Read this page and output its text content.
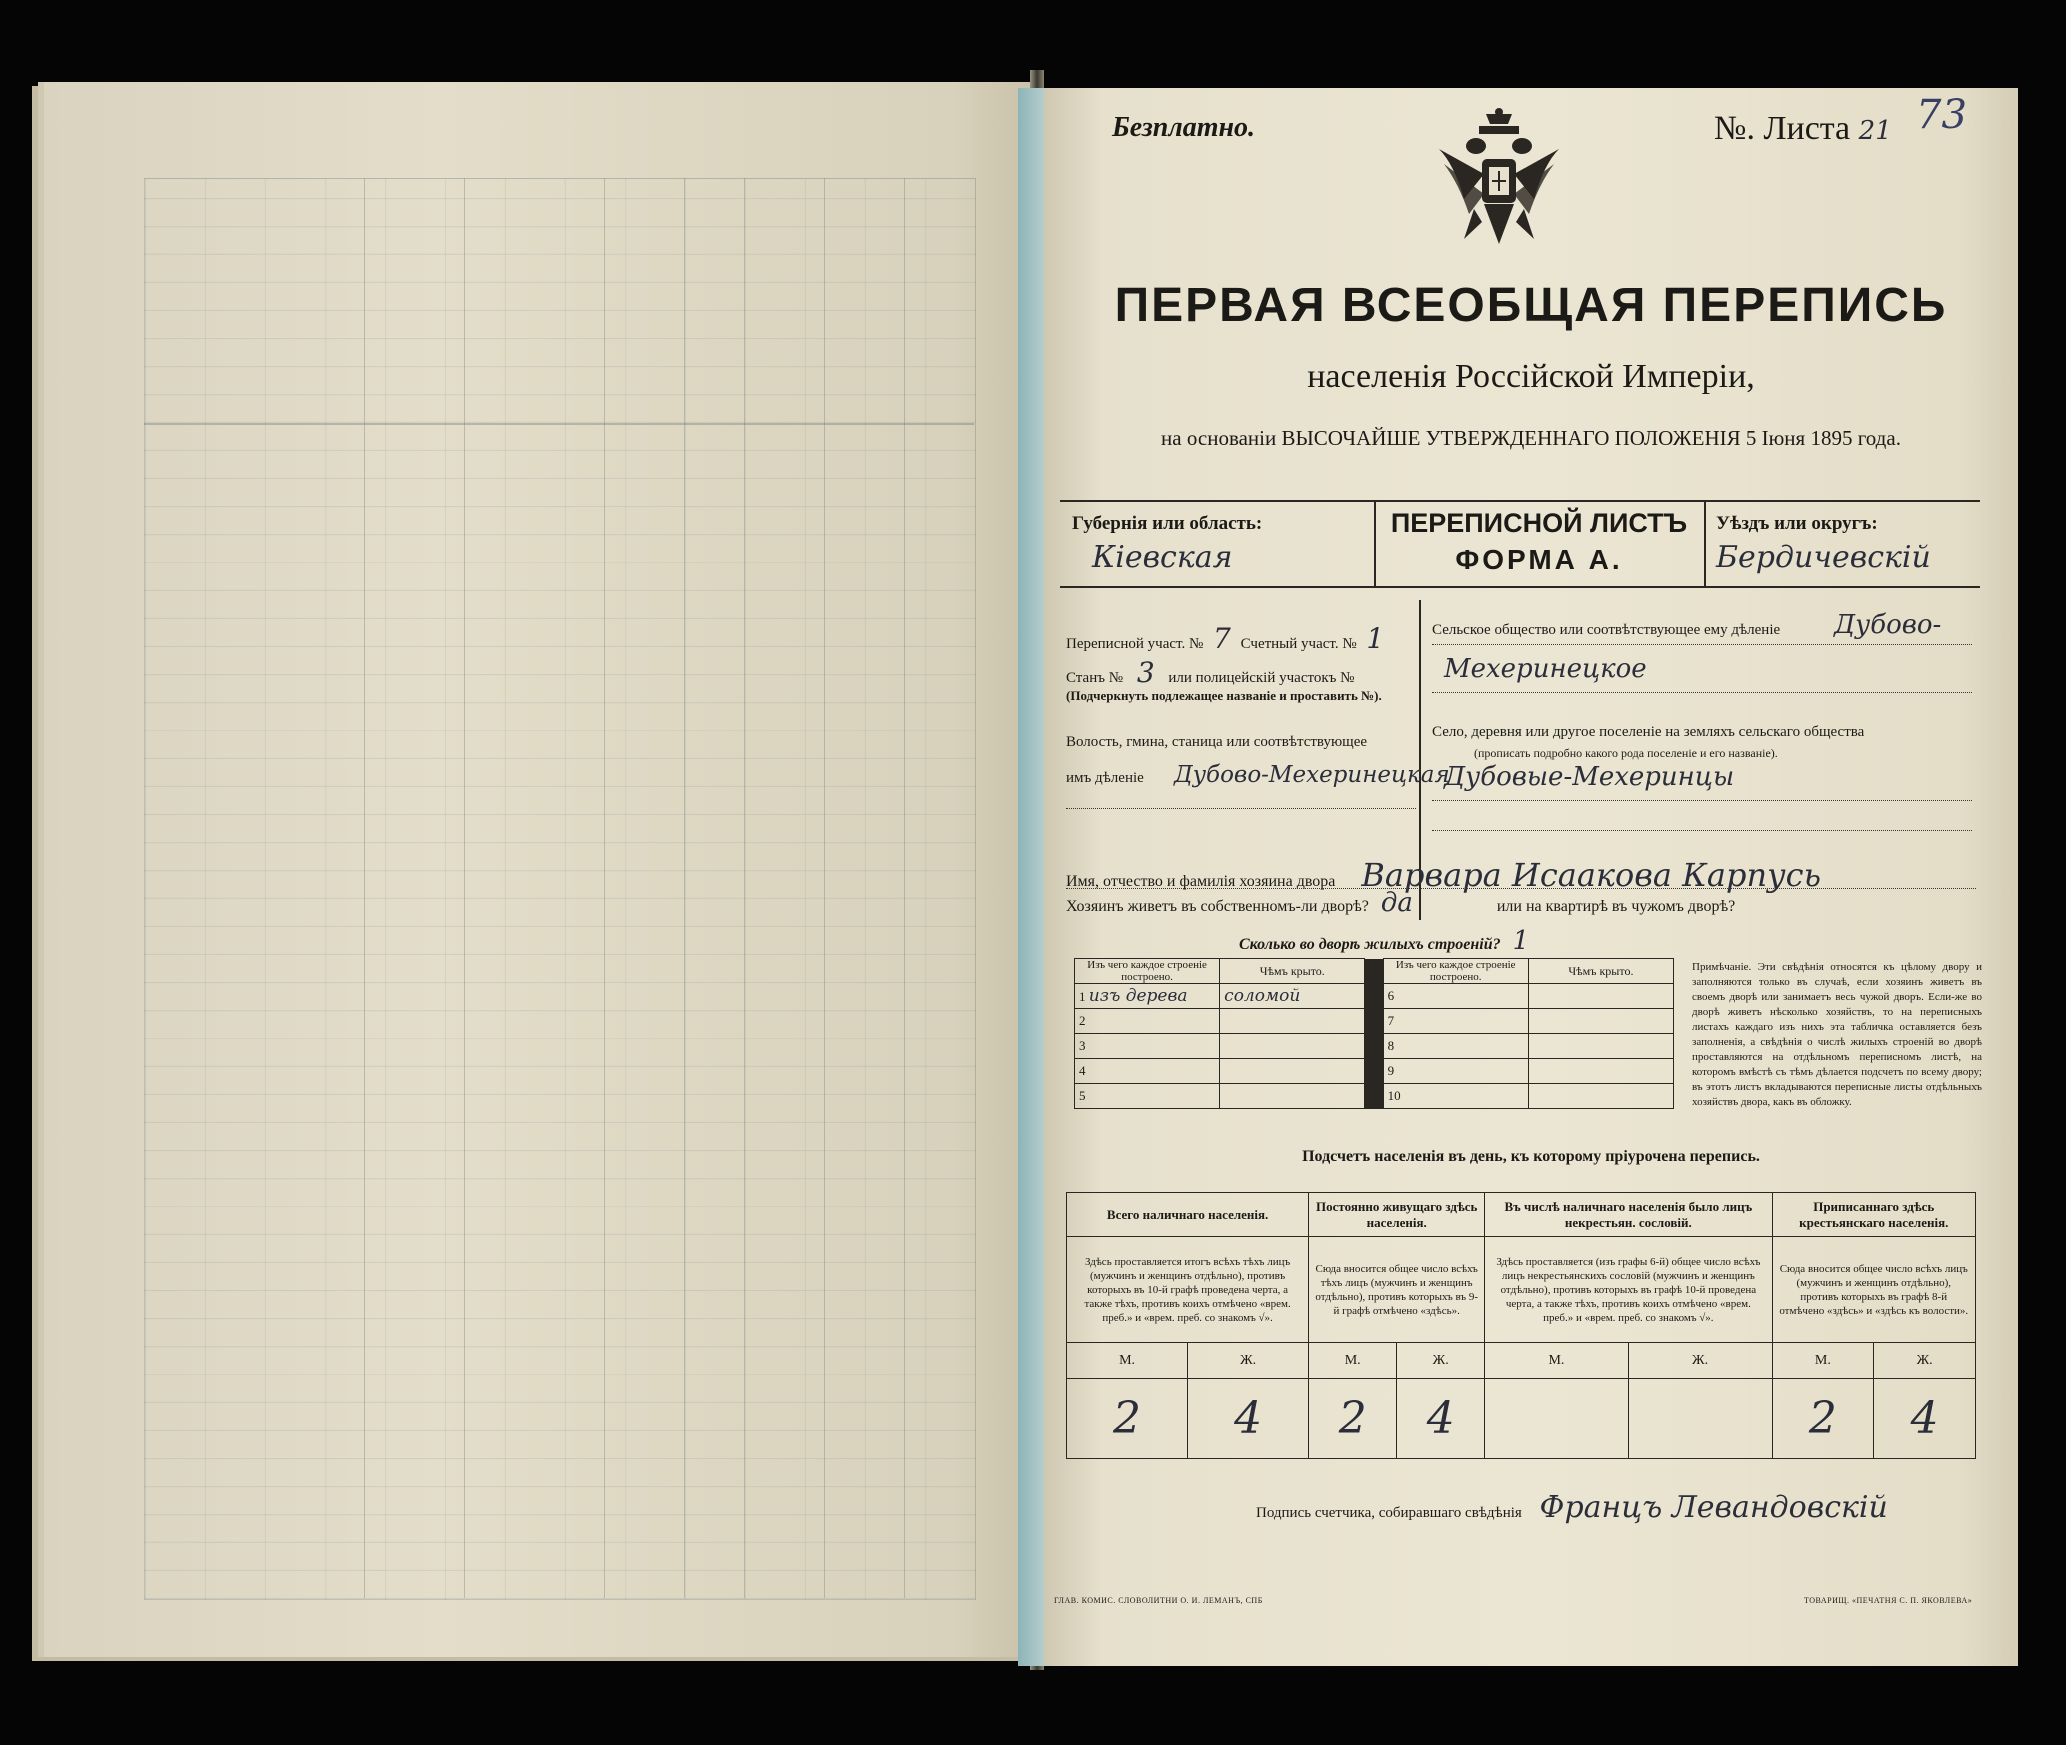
Безплатно.	№. Листа 21 73
ПЕРВАЯ ВСЕОБЩАЯ ПЕРЕПИСЬ
населенія Россійской Имперіи,
на основаніи ВЫСОЧАЙШЕ УТВЕРЖДЕННАГО ПОЛОЖЕНІЯ 5 Іюня 1895 года.
Губернія или область:
Кіевская
ПЕРЕПИСНОЙ ЛИСТЪ
ФОРМА А.
Уѣздъ или округъ:
Бердичевскій
Переписной участ. № 7 Счетный участ. № 1
Станъ № 3 или полицейскій участокъ №
(Подчеркнуть подлежащее названіе и проставить №).
Волость, гмина, станица или соотвѣтствующее
имъ дѣленіе Дубово-Мехеринецкая
Сельское общество или соотвѣтствующее ему дѣленіе Дубово-
Мехеринецкое
Село, деревня или другое поселеніе на земляхъ сельскаго общества
(прописать подробно какого рода поселеніе и его названіе).
Дубовые-Мехеринцы
Имя, отчество и фамилія хозяина двора Варвара Исаакова Карпусь
Хозяинъ живетъ въ собственномъ-ли дворѣ? да	или на квартирѣ въ чужомъ дворѣ?
Сколько во дворѣ жилыхъ строеній? 1
Изъ чего каждое строеніе построено.	Чѣмъ крыто.		Изъ чего каждое строеніе построено.	Чѣмъ крыто.
1 изъ дерева	соломой		6	
2			7	
3			8	
4			9	
5			10	
Примѣчаніе. Эти свѣдѣнія относятся къ цѣлому двору и заполняются только въ случаѣ, если хозяинъ живетъ въ своемъ дворѣ или занимаетъ весь чужой дворъ. Если-же во дворѣ живетъ нѣсколько хозяйствъ, то на переписныхъ листахъ каждаго изъ нихъ эта табличка оставляется безъ заполненія, а свѣдѣнія о числѣ жилыхъ строеній во дворѣ проставляются на отдѣльномъ переписномъ листѣ, на которомъ вмѣстѣ съ тѣмъ дѣлается подсчетъ по всему двору; въ этотъ листъ вкладываются переписные листы отдѣльныхъ хозяйствъ двора, какъ въ обложку.
Подсчетъ населенія въ день, къ которому пріурочена перепись.
Всего наличнаго населенія.		Постоянно живущаго здѣсь населенія.		Въ числѣ наличнаго населенія было лицъ некрестьян. сословій.		Приписаннаго здѣсь крестьянскаго населенія.	
Здѣсь проставляется итогъ всѣхъ тѣхъ лицъ (мужчинъ и женщинъ отдѣльно), противъ которыхъ въ 10-й графѣ проведена черта, а также тѣхъ, противъ коихъ отмѣчено «врем. преб.» и «врем. преб. со знакомъ √».		Сюда вносится общее число всѣхъ тѣхъ лицъ (мужчинъ и женщинъ отдѣльно), противъ которыхъ въ 9-й графѣ отмѣчено «здѣсь».		Здѣсь проставляется (изъ графы 6-й) общее число всѣхъ лицъ некрестьянскихъ сословій (мужчинъ и женщинъ отдѣльно), противъ которыхъ въ графѣ 10-й проведена черта, а также тѣхъ, противъ коихъ отмѣчено «врем. преб.» и «врем. преб. со знакомъ √».		Сюда вносится общее число всѣхъ лицъ (мужчинъ и женщинъ отдѣльно), противъ которыхъ въ графѣ 8-й отмѣчено «здѣсь» и «здѣсь къ волости».	
М.	Ж.	М.	Ж.	М.	Ж.	М.	Ж.
2	4	2	4			2	4
Подпись счетчика, собиравшаго свѣдѣнія Францъ Левандовскій
ГЛАВ. КОМИС. СЛОВОЛИТНИ О. И. ЛЕМАНЪ, СПБ	ТОВАРИЩ. «ПЕЧАТНЯ С. П. ЯКОВЛЕВА»
